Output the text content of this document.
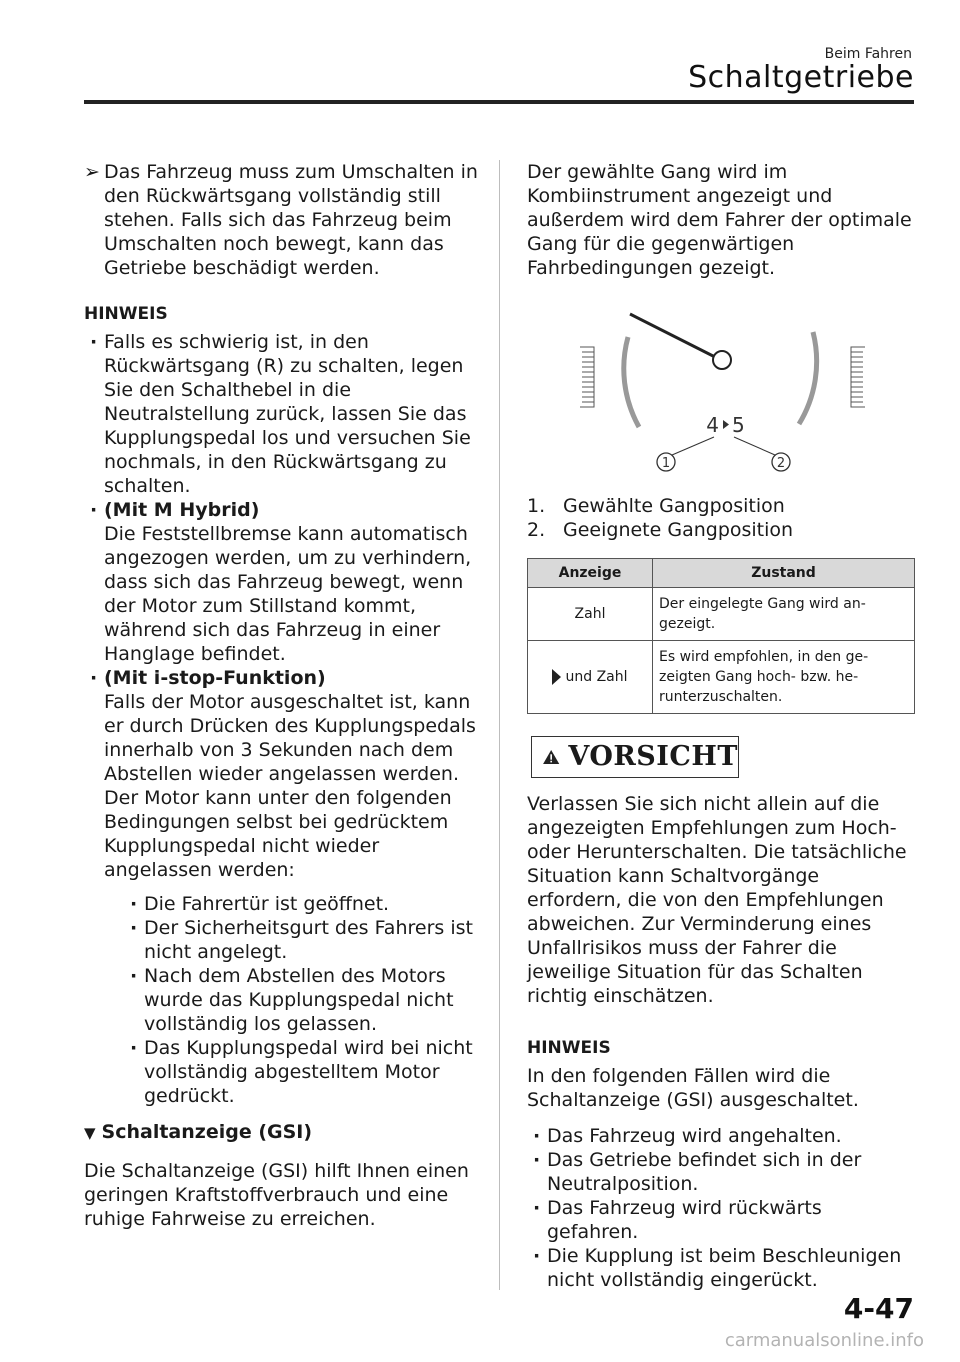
Beim Fahren
Schaltgetriebe
➢ Das Fahrzeug muss zum Umschalten in den Rückwärtsgang vollständig still stehen. Falls sich das Fahrzeug beim Umschalten noch bewegt, kann das Getriebe beschädigt werden.

HINWEIS
· Falls es schwierig ist, in den Rückwärtsgang (R) zu schalten, legen Sie den Schalthebel in die Neutralstellung zurück, lassen Sie das Kupplungspedal los und versuchen Sie nochmals, in den Rückwärtsgang zu schalten.
· (Mit M Hybrid)
Die Feststellbremse kann automatisch angezogen werden, um zu verhindern, dass sich das Fahrzeug bewegt, wenn der Motor zum Stillstand kommt, während sich das Fahrzeug in einer Hanglage befindet.
· (Mit i-stop-Funktion)
Falls der Motor ausgeschaltet ist, kann er durch Drücken des Kupplungspedals innerhalb von 3 Sekunden nach dem Abstellen wieder angelassen werden.
Der Motor kann unter den folgenden Bedingungen selbst bei gedrücktem Kupplungspedal nicht wieder angelassen werden:
· Die Fahrertür ist geöffnet.
· Der Sicherheitsgurt des Fahrers ist nicht angelegt.
· Nach dem Abstellen des Motors wurde das Kupplungspedal nicht vollständig los gelassen.
· Das Kupplungspedal wird bei nicht vollständig abgestelltem Motor gedrückt.
▼ Schaltanzeige (GSI)

Die Schaltanzeige (GSI) hilft Ihnen einen geringen Kraftstoffverbrauch und eine ruhige Fahrweise zu erreichen.

Der gewählte Gang wird im Kombiinstrument angezeigt und außerdem wird dem Fahrer der optimale Gang für die gegenwärtigen Fahrbedingungen gezeigt.

4 5
1	2
1. Gewählte Gangposition
2. Geeignete Gangposition
Anzeige	Zustand
Zahl	Der eingelegte Gang wird angezeigt.
und Zahl	Es wird empfohlen, in den gezeigten Gang hoch- bzw. herunterzuschalten.
VORSICHT

Verlassen Sie sich nicht allein auf die angezeigten Empfehlungen zum Hoch- oder Herunterschalten. Die tatsächliche Situation kann Schaltvorgänge erfordern, die von den Empfehlungen abweichen. Zur Verminderung eines Unfallrisikos muss der Fahrer die jeweilige Situation für das Schalten richtig einschätzen.

HINWEIS

In den folgenden Fällen wird die Schaltanzeige (GSI) ausgeschaltet.

· Das Fahrzeug wird angehalten.
· Das Getriebe befindet sich in der Neutralposition.
· Das Fahrzeug wird rückwärts gefahren.
· Die Kupplung ist beim Beschleunigen nicht vollständig eingerückt.
4-47
carmanualsonline.info
